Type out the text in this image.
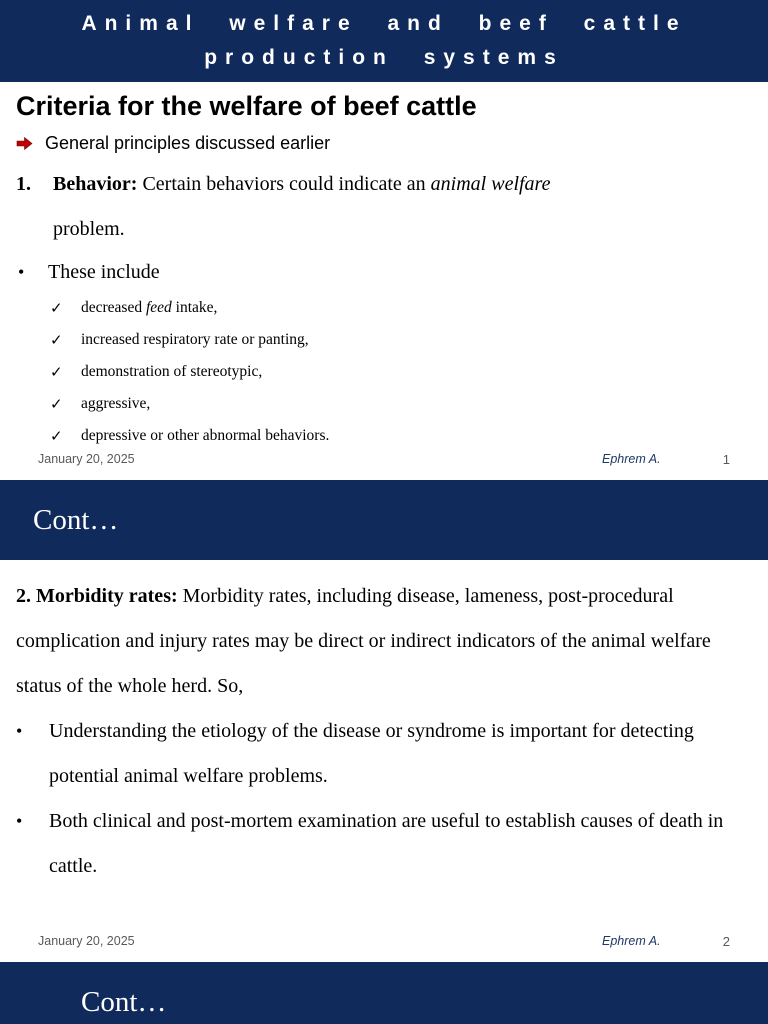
Animal welfare and beef cattle
production systems
Criteria for the welfare of beef cattle
General principles discussed earlier
1. Behavior: Certain behaviors could indicate an animal welfare
problem.
• These include
✓ decreased feed intake,
✓ increased respiratory rate or panting,
✓ demonstration of stereotypic,
✓ aggressive,
✓ depressive or other abnormal behaviors.
January 20, 2025	Ephrem A.	1
Cont…

2. Morbidity rates: Morbidity rates, including disease, lameness, post-procedural complication and injury rates may be direct or indirect indicators of the animal welfare status of the whole herd. So,

• Understanding the etiology of the disease or syndrome is important for detecting potential animal welfare problems.
• Both clinical and post-mortem examination are useful to establish causes of death in cattle.
January 20, 2025	Ephrem A.	2
Cont…
